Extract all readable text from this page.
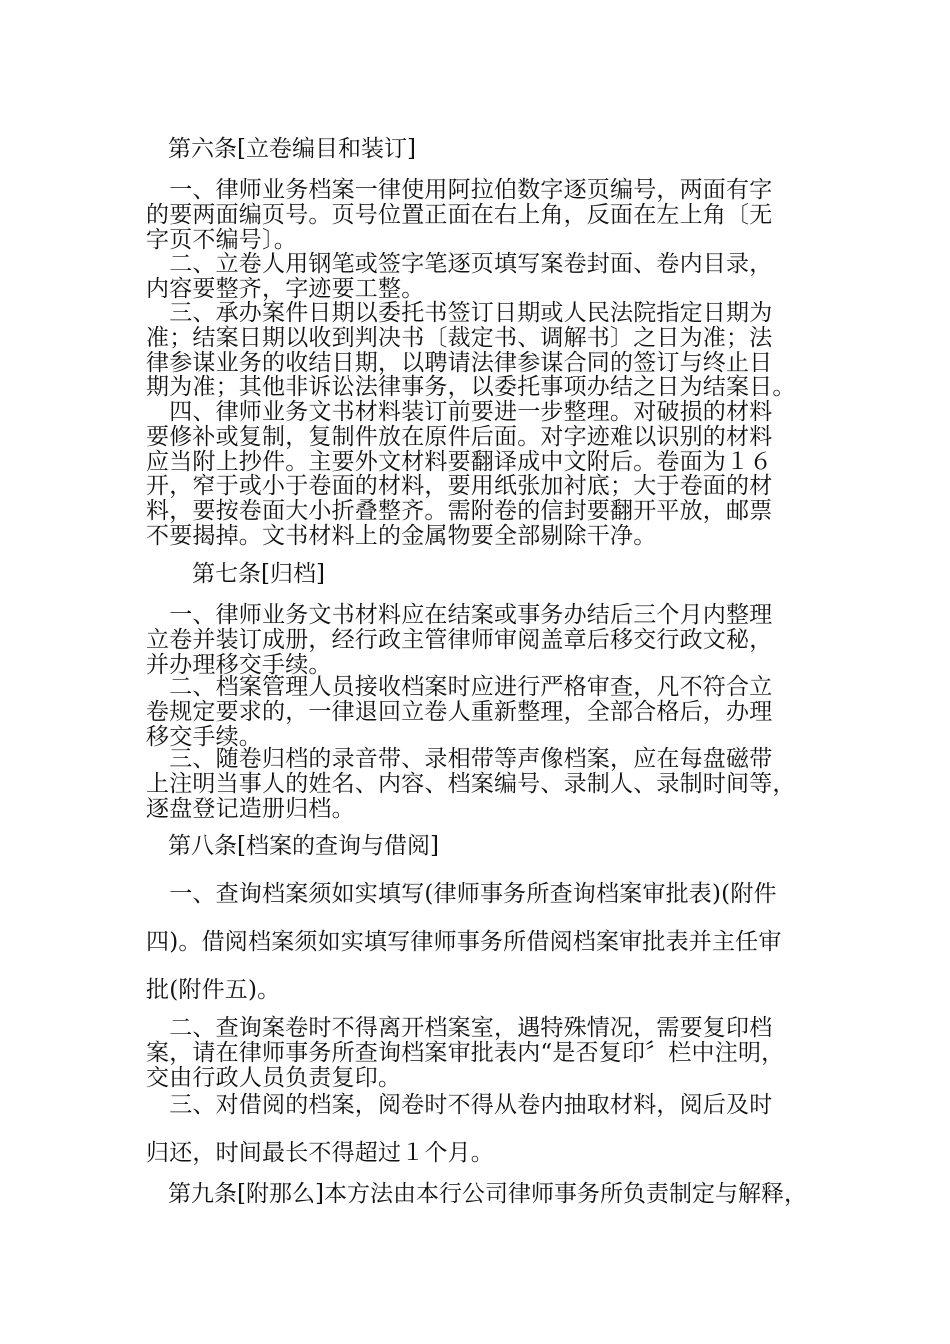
第六条[立卷编目和装订]
　一、律师业务档案一律使用阿拉伯数字逐页编号，两面有字
的要两面编页号。页号位置正面在右上角，反面在左上角〔无
字页不编号〕。
　二、立卷人用钢笔或签字笔逐页填写案卷封面、卷内目录，
内容要整齐，字迹要工整。
　三、承办案件日期以委托书签订日期或人民法院指定日期为
准；结案日期以收到判决书〔裁定书、调解书〕之日为准；法
律参谋业务的收结日期，以聘请法律参谋合同的签订与终止日
期为准；其他非诉讼法律事务，以委托事项办结之日为结案日。
　四、律师业务文书材料装订前要进一步整理。对破损的材料
要修补或复制，复制件放在原件后面。对字迹难以识别的材料
应当附上抄件。主要外文材料要翻译成中文附后。卷面为１６
开，窄于或小于卷面的材料，要用纸张加衬底；大于卷面的材
料，要按卷面大小折叠整齐。需附卷的信封要翻开平放，邮票
不要揭掉。文书材料上的金属物要全部剔除干净。
第七条[归档]
　一、律师业务文书材料应在结案或事务办结后三个月内整理
立卷并装订成册，经行政主管律师审阅盖章后移交行政文秘，
并办理移交手续。
　二、档案管理人员接收档案时应进行严格审查，凡不符合立
卷规定要求的，一律退回立卷人重新整理，全部合格后，办理
移交手续。
　三、随卷归档的录音带、录相带等声像档案，应在每盘磁带
上注明当事人的姓名、内容、档案编号、录制人、录制时间等，
逐盘登记造册归档。
第八条[档案的查询与借阅]
　一、查询档案须如实填写(律师事务所查询档案审批表)(附件
四)。借阅档案须如实填写律师事务所借阅档案审批表并主任审
批(附件五)。
　二、查询案卷时不得离开档案室，遇特殊情况，需要复印档
案，请在律师事务所查询档案审批表内“是否复印〞栏中注明，
交由行政人员负责复印。
　三、对借阅的档案，阅卷时不得从卷内抽取材料，阅后及时
归还，时间最长不得超过１个月。
第九条[附那么]本方法由本行公司律师事务所负责制定与解释，
